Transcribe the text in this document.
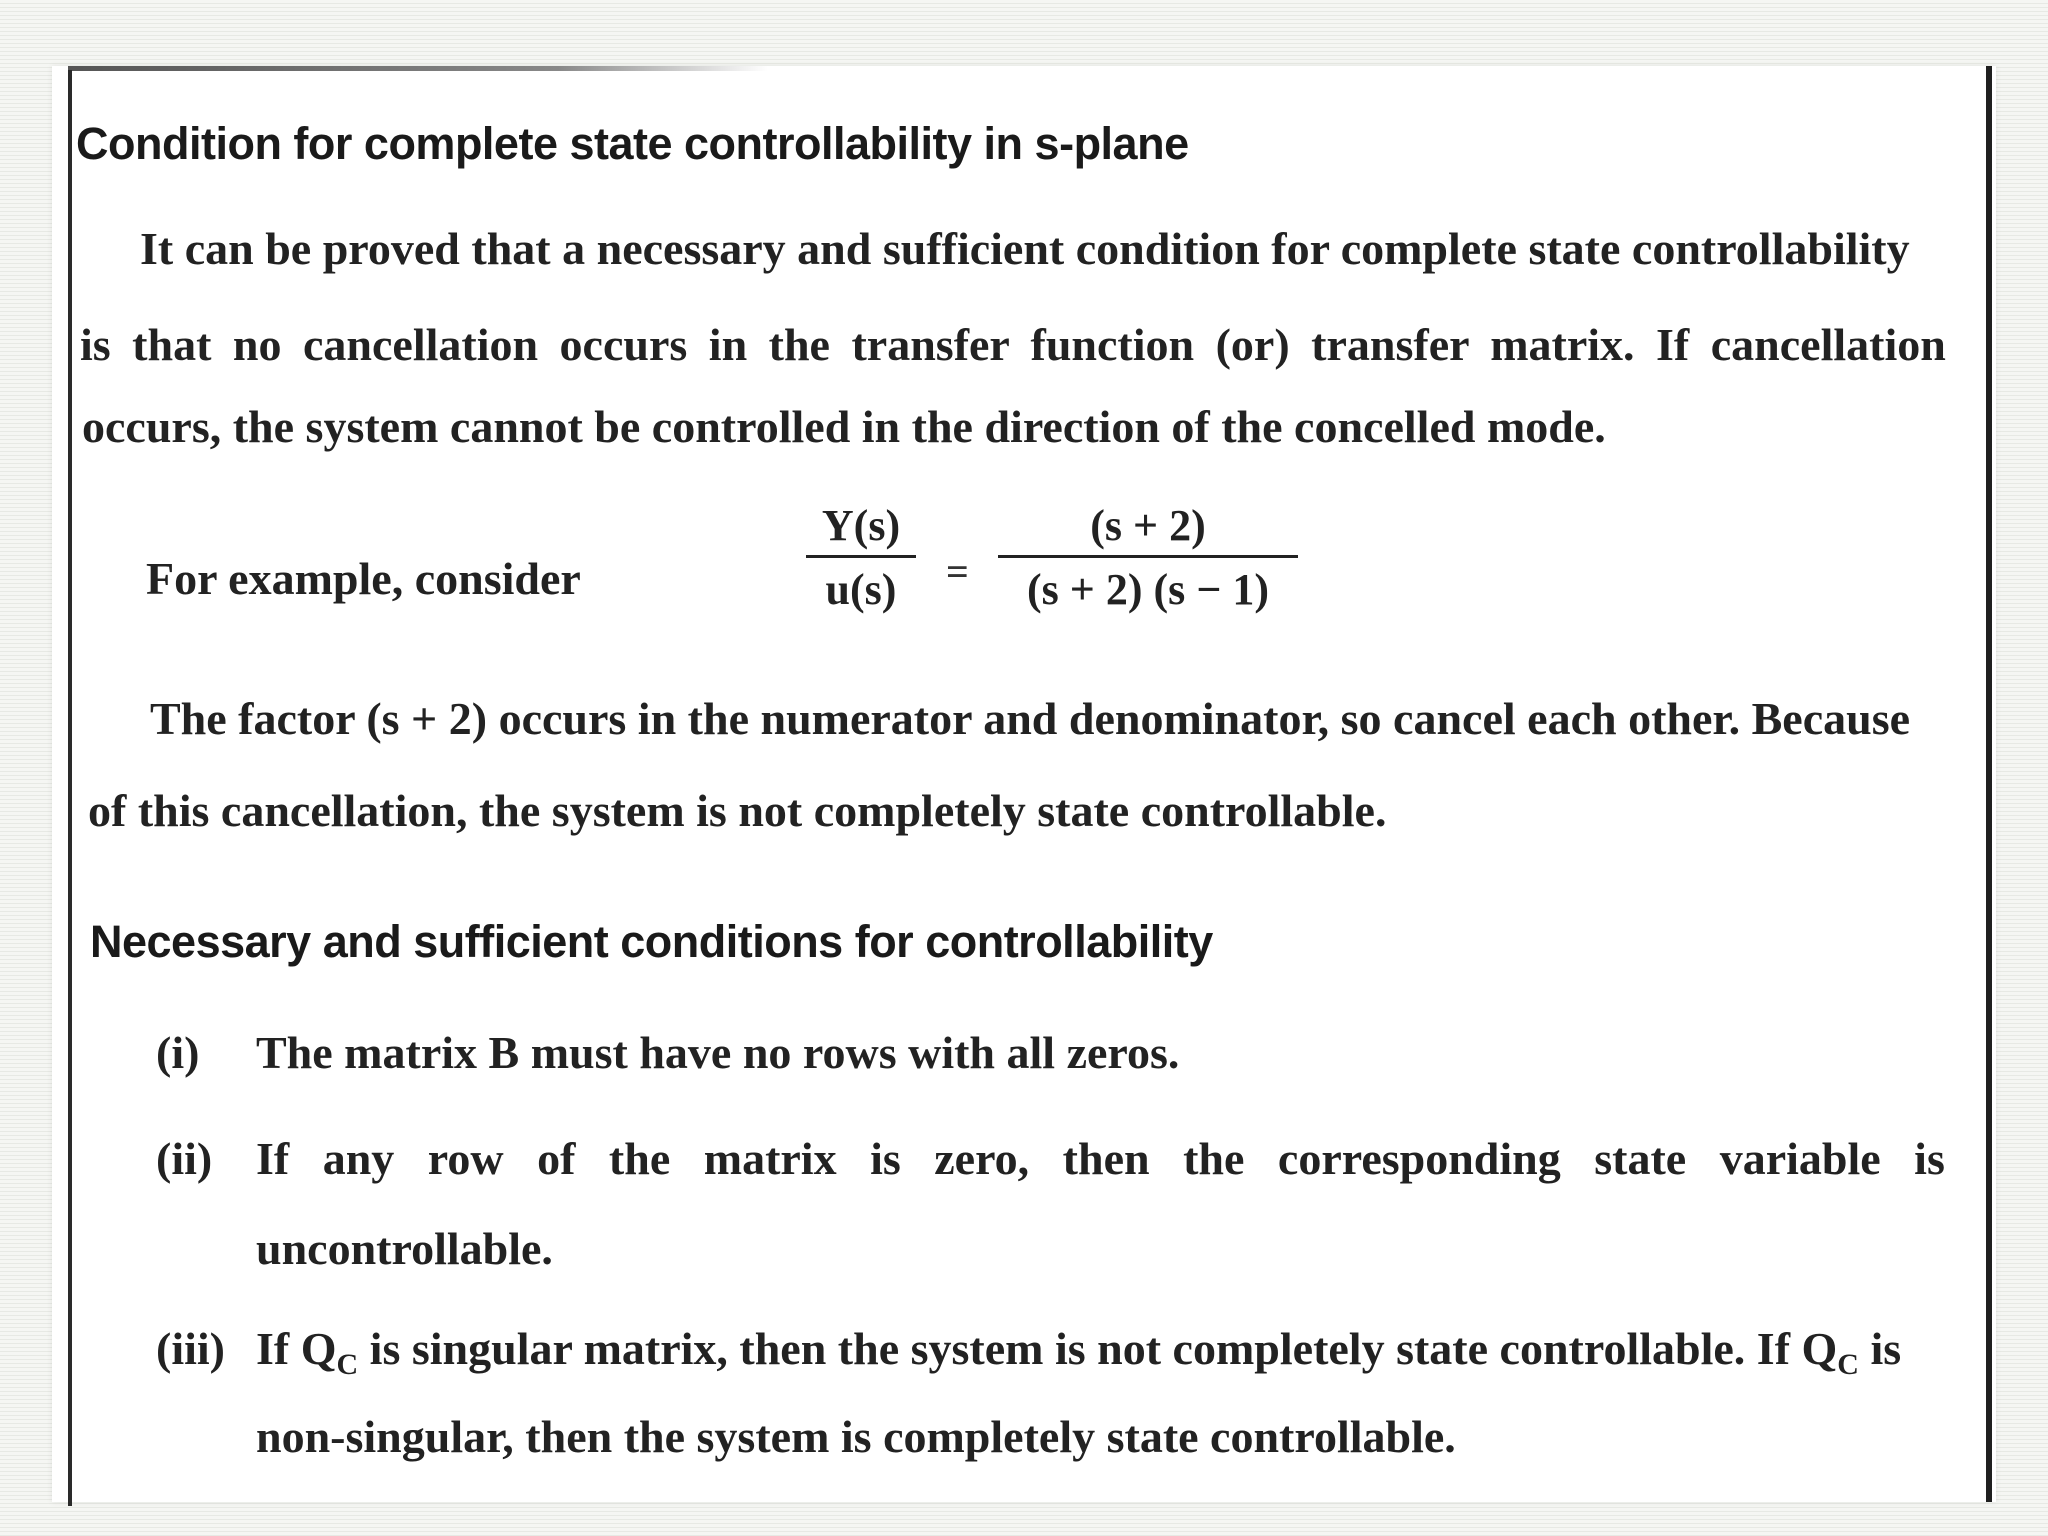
Condition for complete state controllability in s-plane
It can be proved that a necessary and sufficient condition for complete state controllability
is that no cancellation occurs in the transfer function (or) transfer matrix. If cancellation
occurs, the system cannot be controlled in the direction of the concelled mode.
For example, consider	$\frac{Y(s)}{u(s)} = \frac{(s + 2)}{(s + 2) (s - 1)}$
The factor (s + 2) occurs in the numerator and denominator, so cancel each other. Because
of this cancellation, the system is not completely state controllable.
Necessary and sufficient conditions for controllability
(i) The matrix B must have no rows with all zeros.
(ii) If any row of the matrix is zero, then the corresponding state variable is
uncontrollable.
(iii) If $Q_C$ is singular matrix, then the system is not completely state controllable. If $Q_C$ is
non-singular, then the system is completely state controllable.
